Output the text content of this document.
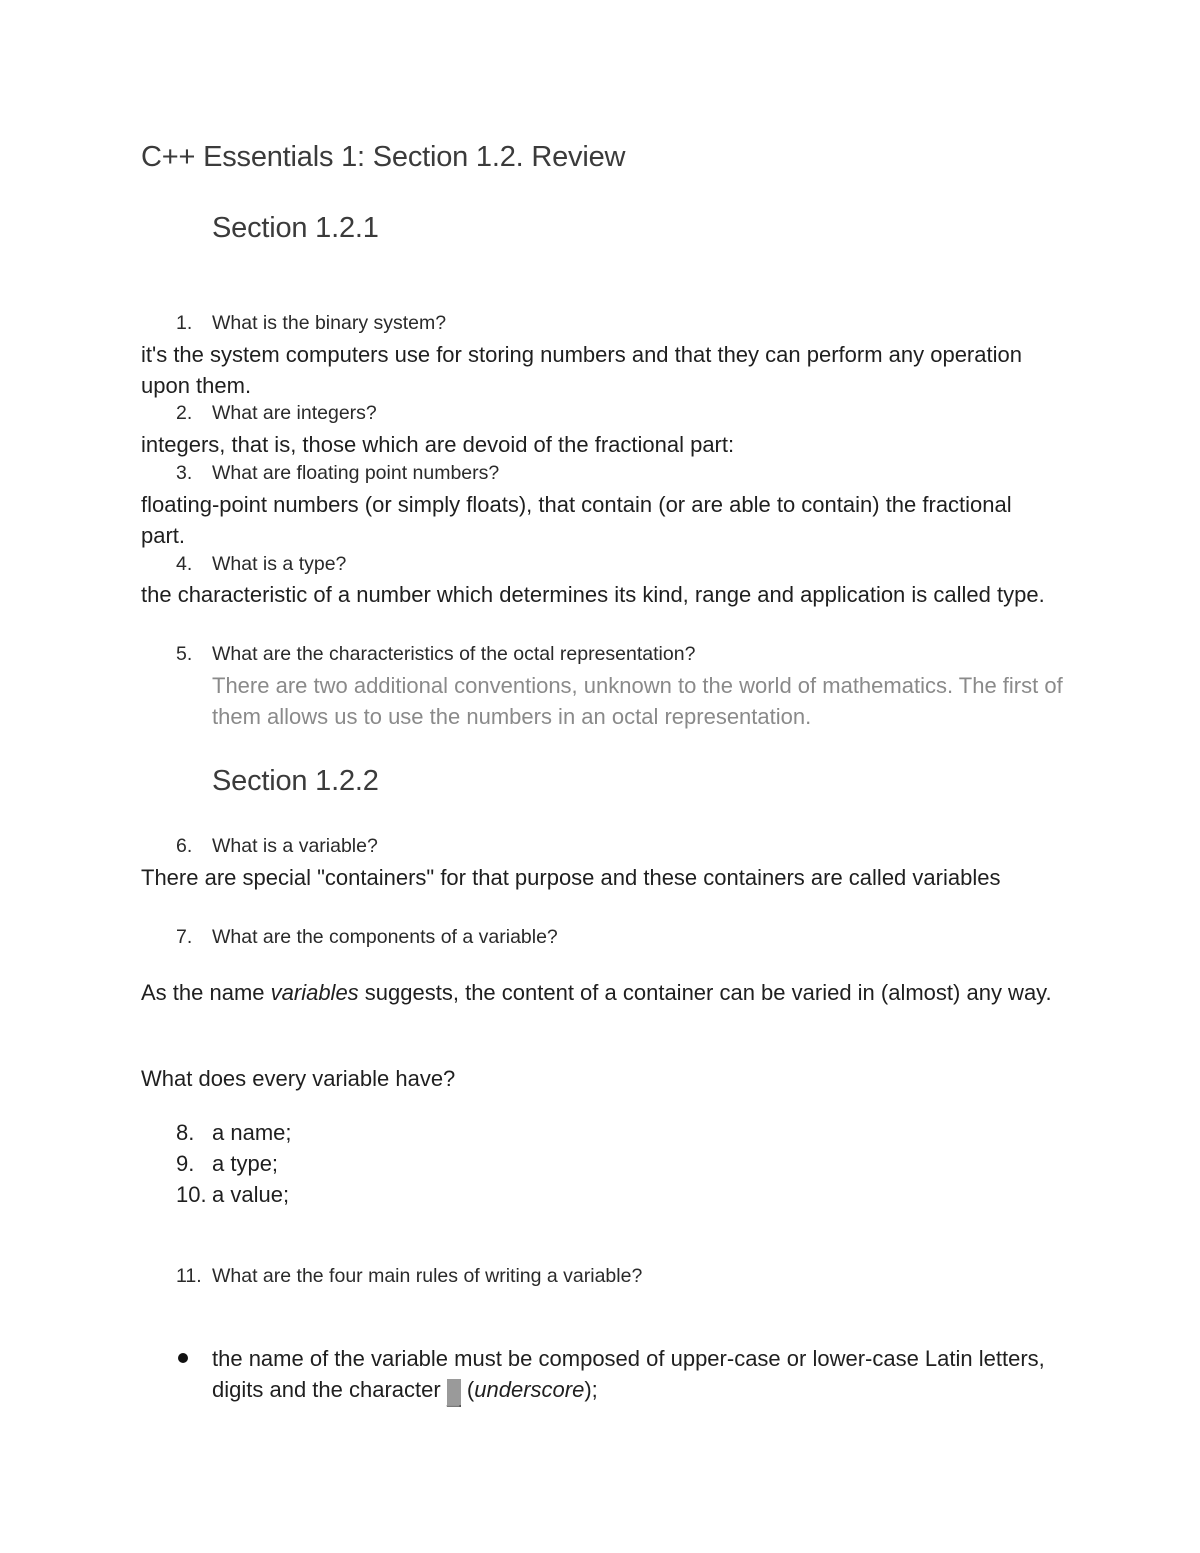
C++ Essentials 1: Section 1.2. Review
Section 1.2.1
1. What is the binary system?
it's the system computers use for storing numbers and that they can perform any operation upon them.
2. What are integers?
integers, that is, those which are devoid of the fractional part:
3. What are floating point numbers?
floating-point numbers (or simply floats), that contain (or are able to contain) the fractional part.
4. What is a type?
the characteristic of a number which determines its kind, range and application is called type.
5. What are the characteristics of the octal representation?
There are two additional conventions, unknown to the world of mathematics. The first of them allows us to use the numbers in an octal representation.
Section 1.2.2
6. What is a variable?
There are special "containers" for that purpose and these containers are called variables
7. What are the components of a variable?
As the name variables suggests, the content of a container can be varied in (almost) any way.
What does every variable have?
8. a name;
9. a type;
10. a value;
11. What are the four main rules of writing a variable?
the name of the variable must be composed of upper-case or lower-case Latin letters, digits and the character _ (underscore);
